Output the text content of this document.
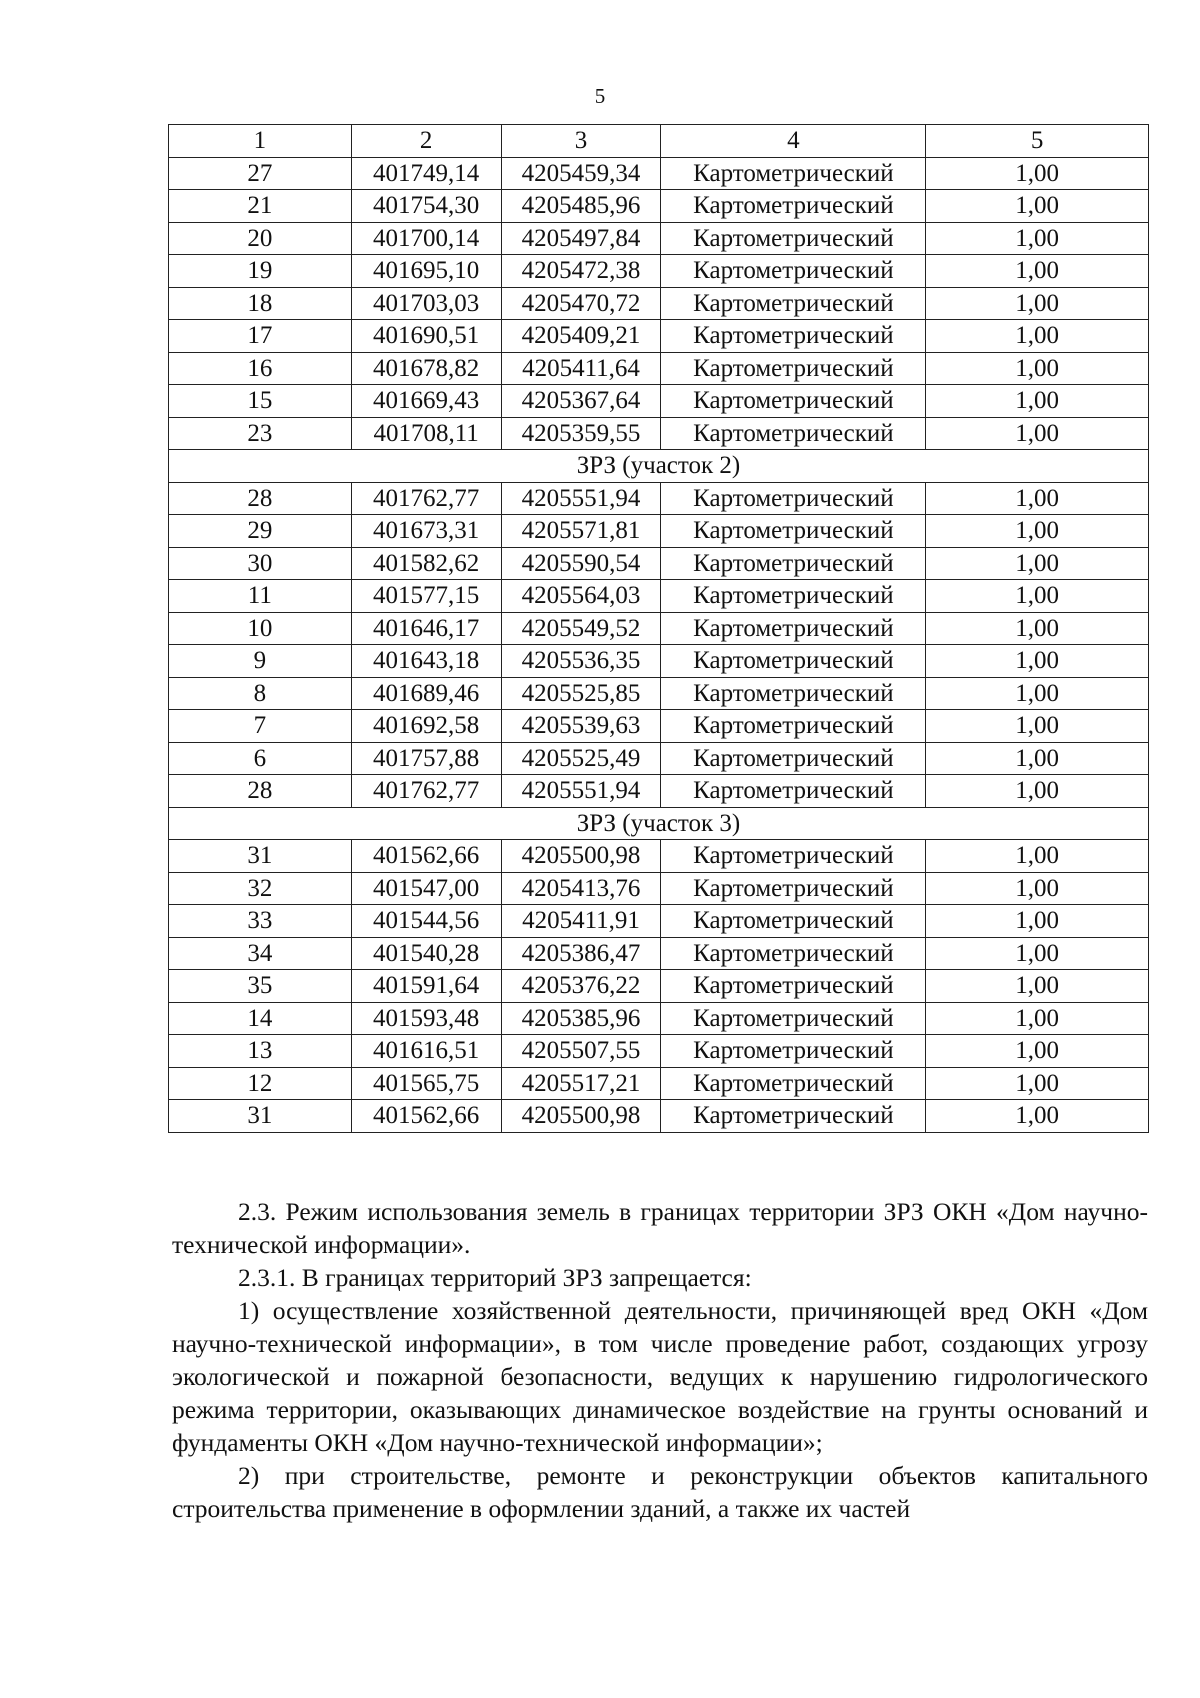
5
1	2	3	4	5
27	401749,14	4205459,34	Картометрический	1,00
21	401754,30	4205485,96	Картометрический	1,00
20	401700,14	4205497,84	Картометрический	1,00
19	401695,10	4205472,38	Картометрический	1,00
18	401703,03	4205470,72	Картометрический	1,00
17	401690,51	4205409,21	Картометрический	1,00
16	401678,82	4205411,64	Картометрический	1,00
15	401669,43	4205367,64	Картометрический	1,00
23	401708,11	4205359,55	Картометрический	1,00
ЗРЗ (участок 2)				
28	401762,77	4205551,94	Картометрический	1,00
29	401673,31	4205571,81	Картометрический	1,00
30	401582,62	4205590,54	Картометрический	1,00
11	401577,15	4205564,03	Картометрический	1,00
10	401646,17	4205549,52	Картометрический	1,00
9	401643,18	4205536,35	Картометрический	1,00
8	401689,46	4205525,85	Картометрический	1,00
7	401692,58	4205539,63	Картометрический	1,00
6	401757,88	4205525,49	Картометрический	1,00
28	401762,77	4205551,94	Картометрический	1,00
ЗРЗ (участок 3)				
31	401562,66	4205500,98	Картометрический	1,00
32	401547,00	4205413,76	Картометрический	1,00
33	401544,56	4205411,91	Картометрический	1,00
34	401540,28	4205386,47	Картометрический	1,00
35	401591,64	4205376,22	Картометрический	1,00
14	401593,48	4205385,96	Картометрический	1,00
13	401616,51	4205507,55	Картометрический	1,00
12	401565,75	4205517,21	Картометрический	1,00
31	401562,66	4205500,98	Картометрический	1,00

2.3. Режим использования земель в границах территории ЗРЗ ОКН «Дом научно-технической информации».

2.3.1. В границах территорий ЗРЗ запрещается:

1) осуществление хозяйственной деятельности, причиняющей вред ОКН «Дом научно-технической информации», в том числе проведение работ, создающих угрозу экологической и пожарной безопасности, ведущих к нарушению гидрологического режима территории, оказывающих динамическое воздействие на грунты оснований и фундаменты ОКН «Дом научно-технической информации»;

2) при строительстве, ремонте и реконструкции объектов капитального строительства применение в оформлении зданий, а также их частей
